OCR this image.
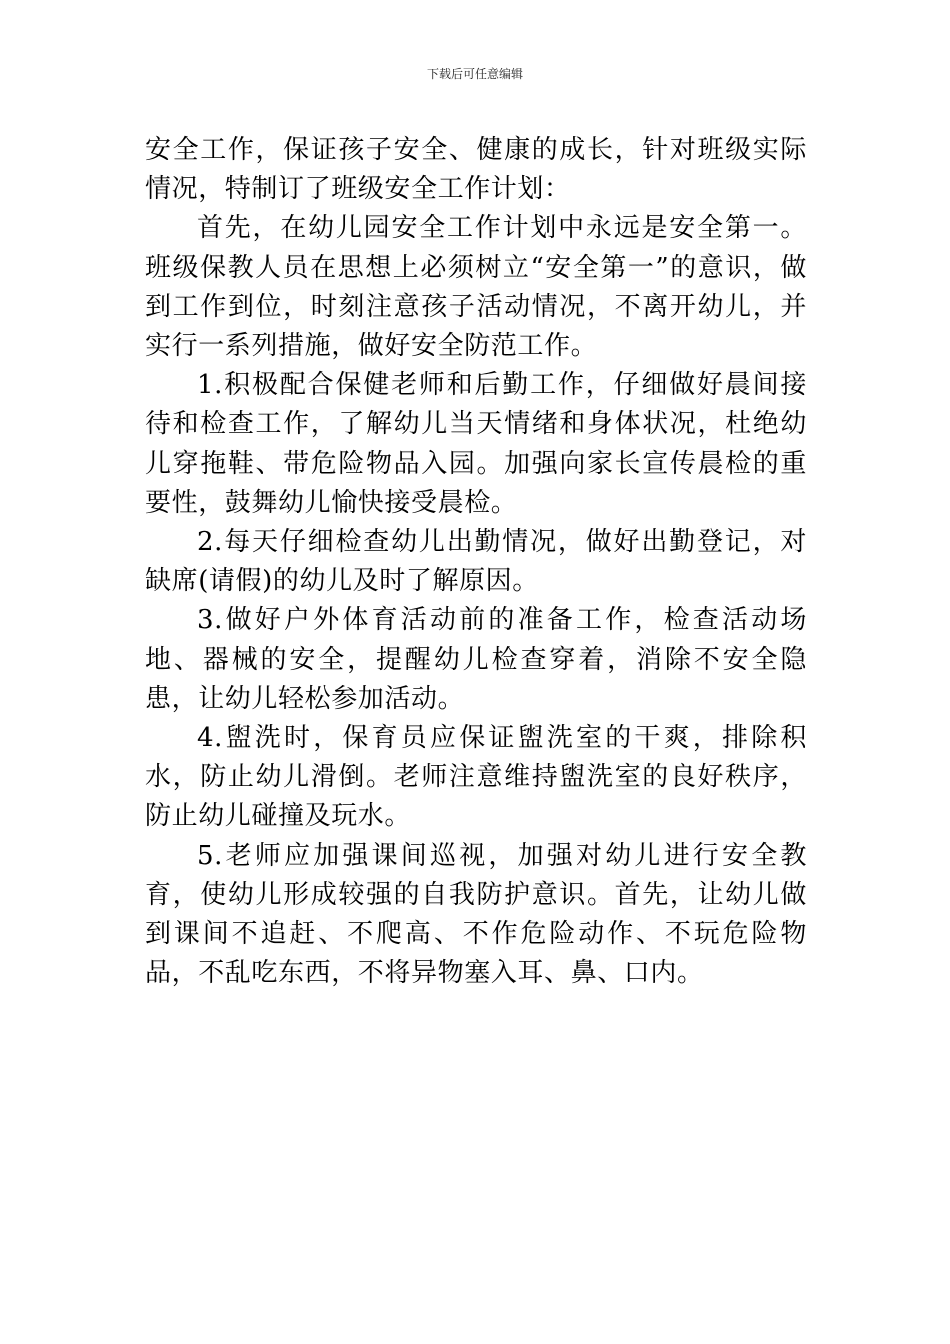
下载后可任意编辑

安全工作，保证孩子安全、健康的成长，针对班级实际情况，特制订了班级安全工作计划：

首先，在幼儿园安全工作计划中永远是安全第一。班级保教人员在思想上必须树立“安全第一”的意识，做到工作到位，时刻注意孩子活动情况，不离开幼儿，并实行一系列措施，做好安全防范工作。

1.积极配合保健老师和后勤工作，仔细做好晨间接待和检查工作，了解幼儿当天情绪和身体状况，杜绝幼儿穿拖鞋、带危险物品入园。加强向家长宣传晨检的重要性，鼓舞幼儿愉快接受晨检。

2.每天仔细检查幼儿出勤情况，做好出勤登记，对缺席(请假)的幼儿及时了解原因。

3.做好户外体育活动前的准备工作，检查活动场地、器械的安全，提醒幼儿检查穿着，消除不安全隐患，让幼儿轻松参加活动。

4.盥洗时，保育员应保证盥洗室的干爽，排除积水，防止幼儿滑倒。老师注意维持盥洗室的良好秩序，防止幼儿碰撞及玩水。

5.老师应加强课间巡视，加强对幼儿进行安全教育，使幼儿形成较强的自我防护意识。首先，让幼儿做到课间不追赶、不爬高、不作危险动作、不玩危险物品，不乱吃东西，不将异物塞入耳、鼻、口内。
